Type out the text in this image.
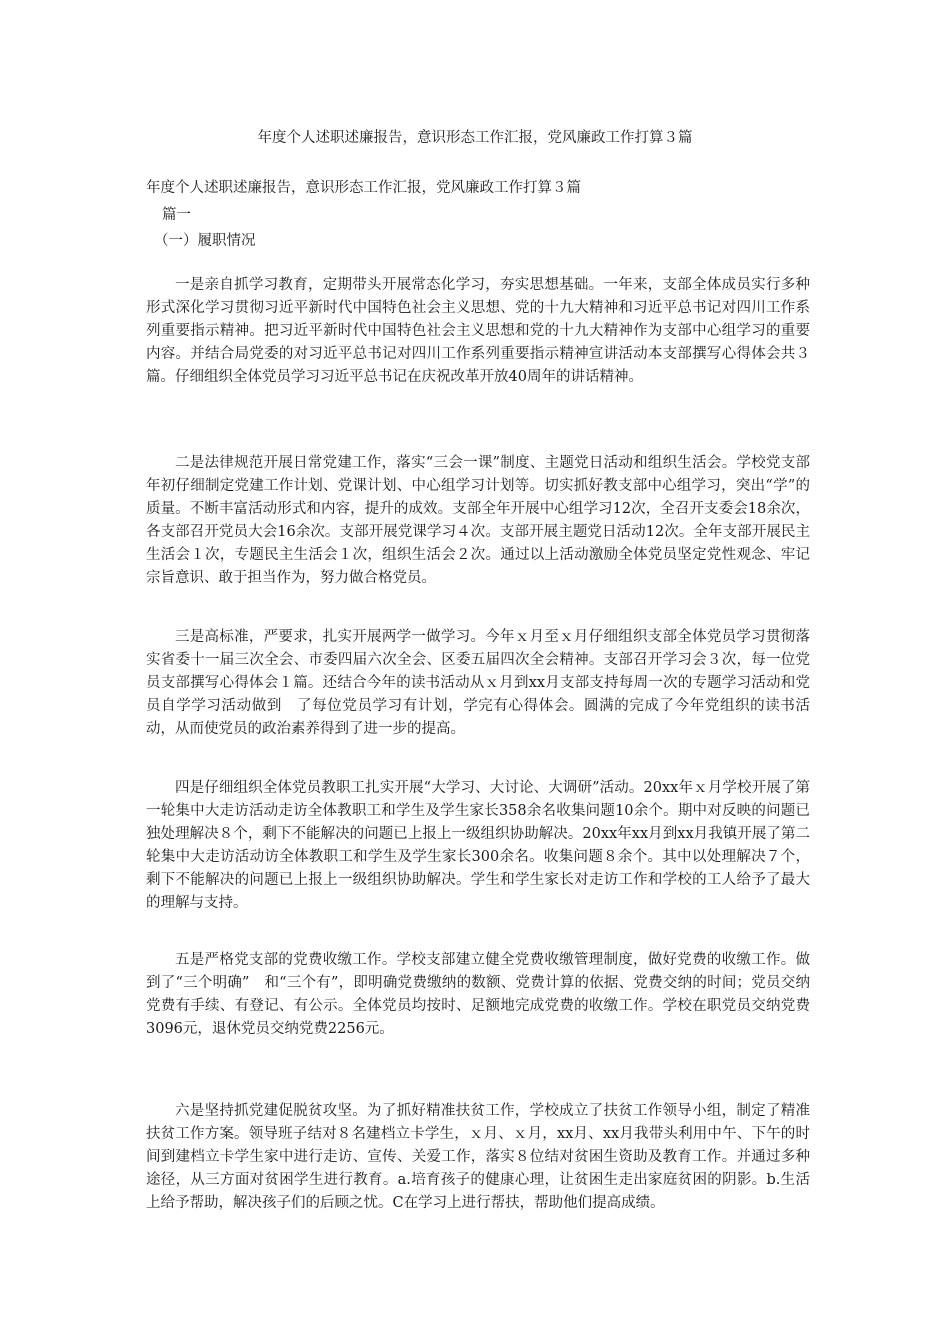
年度个人述职述廉报告，意识形态工作汇报，党风廉政工作打算３篇
年度个人述职述廉报告，意识形态工作汇报，党风廉政工作打算３篇
篇一
（一）履职情况

一是亲自抓学习教育，定期带头开展常态化学习，夯实思想基础。一年来，支部全体成员实行多种形式深化学习贯彻习近平新时代中国特色社会主义思想、党的十九大精神和习近平总书记对四川工作系列重要指示精神。把习近平新时代中国特色社会主义思想和党的十九大精神作为支部中心组学习的重要内容。并结合局党委的对习近平总书记对四川工作系列重要指示精神宣讲活动本支部撰写心得体会共３篇。仔细组织全体党员学习习近平总书记在庆祝改革开放40周年的讲话精神。

二是法律规范开展日常党建工作，落实“三会一课”制度、主题党日活动和组织生活会。学校党支部年初仔细制定党建工作计划、党课计划、中心组学习计划等。切实抓好教支部中心组学习，突出“学”的质量。不断丰富活动形式和内容，提升的成效。支部全年开展中心组学习12次，全召开支委会18余次，各支部召开党员大会16余次。支部开展党课学习４次。支部开展主题党日活动12次。全年支部开展民主生活会１次，专题民主生活会１次，组织生活会２次。通过以上活动激励全体党员坚定党性观念、牢记宗旨意识、敢于担当作为，努力做合格党员。

三是高标准，严要求，扎实开展两学一做学习。今年ｘ月至ｘ月仔细组织支部全体党员学习贯彻落实省委十一届三次全会、市委四届六次全会、区委五届四次全会精神。支部召开学习会３次，每一位党员支部撰写心得体会１篇。还结合今年的读书活动从ｘ月到xx月支部支持每周一次的专题学习活动和党员自学学习活动做到　了每位党员学习有计划，学完有心得体会。圆满的完成了今年党组织的读书活动，从而使党员的政治素养得到了进一步的提高。

四是仔细组织全体党员教职工扎实开展“大学习、大讨论、大调研”活动。20xx年ｘ月学校开展了第一轮集中大走访活动走访全体教职工和学生及学生家长358余名收集问题10余个。期中对反映的问题已独处理解决８个，剩下不能解决的问题已上报上一级组织协助解决。20xx年xx月到xx月我镇开展了第二轮集中大走访活动访全体教职工和学生及学生家长300余名。收集问题８余个。其中以处理解决７个，剩下不能解决的问题已上报上一级组织协助解决。学生和学生家长对走访工作和学校的工人给予了最大的理解与支持。

五是严格党支部的党费收缴工作。学校支部建立健全党费收缴管理制度，做好党费的收缴工作。做到了“三个明确”　和“三个有”，即明确党费缴纳的数额、党费计算的依据、党费交纳的时间；党员交纳党费有手续、有登记、有公示。全体党员均按时、足额地完成党费的收缴工作。学校在职党员交纳党费3096元，退休党员交纳党费2256元。

六是坚持抓党建促脱贫攻坚。为了抓好精准扶贫工作，学校成立了扶贫工作领导小组，制定了精准扶贫工作方案。领导班子结对８名建档立卡学生，ｘ月、ｘ月，xx月、xx月我带头利用中午、下午的时间到建档立卡学生家中进行走访、宣传、关爱工作，落实８位结对贫困生资助及教育工作。并通过多种途径，从三方面对贫困学生进行教育。a.培育孩子的健康心理，让贫困生走出家庭贫困的阴影。b.生活上给予帮助，解决孩子们的后顾之忧。C在学习上进行帮扶，帮助他们提高成绩。
